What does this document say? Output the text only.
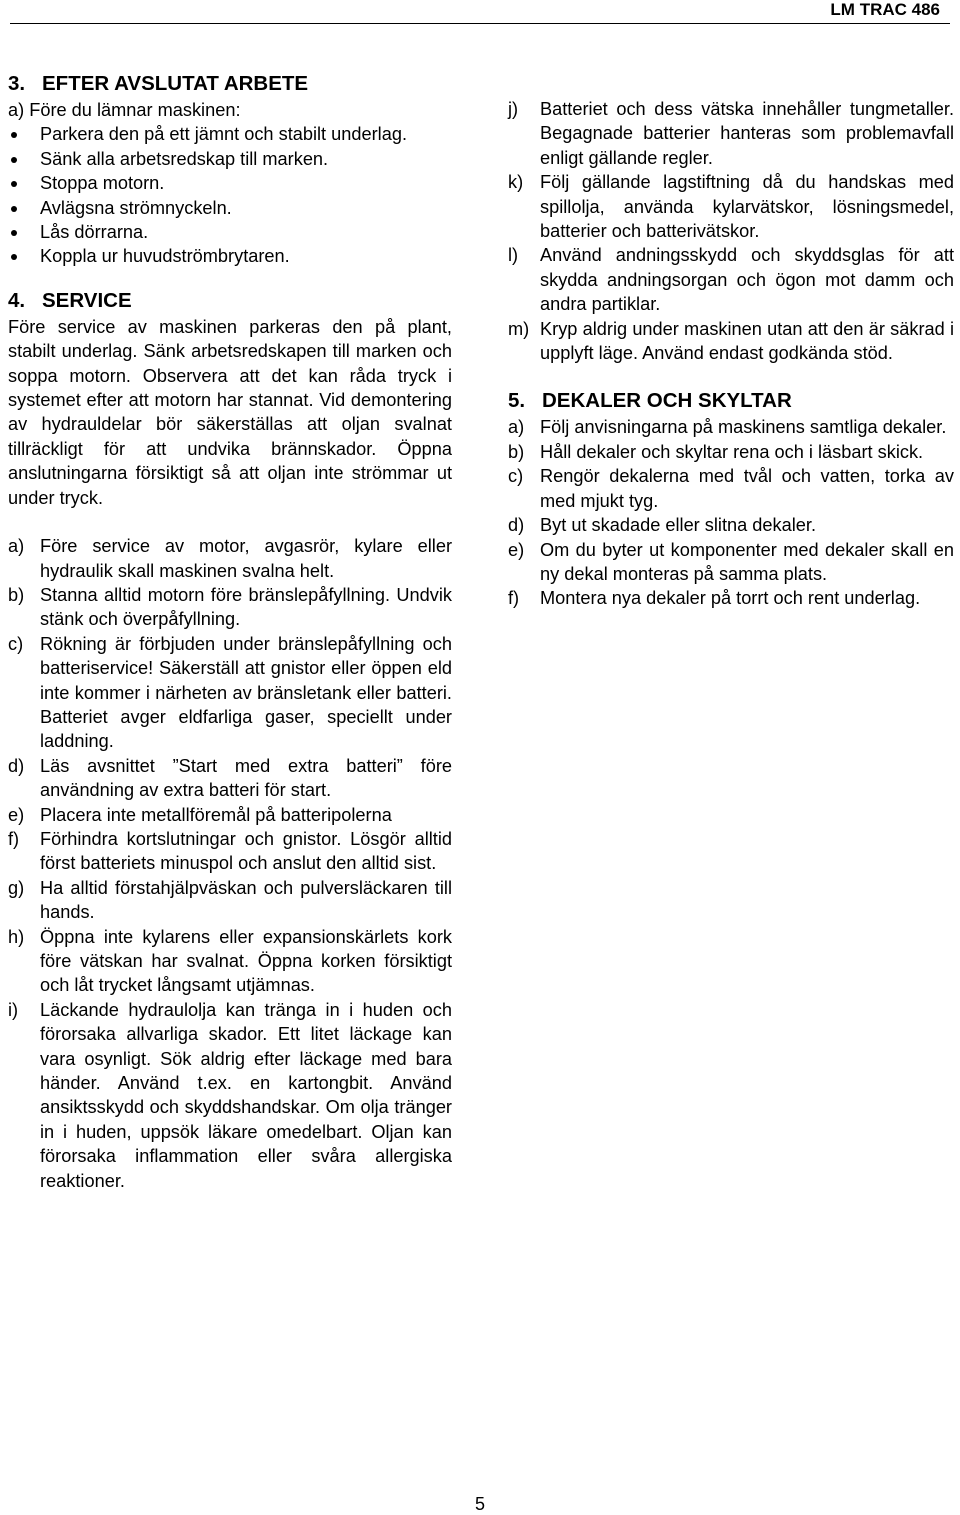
LM TRAC 486
3. EFTER AVSLUTAT ARBETE

a) Före du lämnar maskinen:

Parkera den på ett jämnt och stabilt underlag.
Sänk alla arbetsredskap till marken.
Stoppa motorn.
Avlägsna strömnyckeln.
Lås dörrarna.
Koppla ur huvudströmbrytaren.
4. SERVICE

Före service av maskinen parkeras den på plant, stabilt underlag. Sänk arbetsredskapen till marken och soppa motorn. Observera att det kan råda tryck i systemet efter att motorn har stannat. Vid demontering av hydrauldelar bör säkerställas att oljan svalnat tillräckligt för att undvika brännskador. Öppna anslutningarna försiktigt så att oljan inte strömmar ut under tryck.

a) Före service av motor, avgasrör, kylare eller hydraulik skall maskinen svalna helt.
b) Stanna alltid motorn före bränslepåfyllning. Undvik stänk och överpåfyllning.
c) Rökning är förbjuden under bränslepåfyllning och batteriservice! Säkerställ att gnistor eller öppen eld inte kommer i närheten av bränsletank eller batteri. Batteriet avger eldfarliga gaser, speciellt under laddning.
d) Läs avsnittet ”Start med extra batteri” före användning av extra batteri för start.
e) Placera inte metallföremål på batteripolerna
f) Förhindra kortslutningar och gnistor. Lösgör alltid först batteriets minuspol och anslut den alltid sist.
g) Ha alltid förstahjälpväskan och pulversläckaren till hands.
h) Öppna inte kylarens eller expansionskärlets kork före vätskan har svalnat. Öppna korken försiktigt och låt trycket långsamt utjämnas.
i) Läckande hydraulolja kan tränga in i huden och förorsaka allvarliga skador. Ett litet läckage kan vara osynligt. Sök aldrig efter läckage med bara händer. Använd t.ex. en kartongbit. Använd ansiktsskydd och skyddshandskar. Om olja tränger in i huden, uppsök läkare omedelbart. Oljan kan förorsaka inflammation eller svåra allergiska reaktioner.
j) Batteriet och dess vätska innehåller tungmetaller. Begagnade batterier hanteras som problemavfall enligt gällande regler.
k) Följ gällande lagstiftning då du handskas med spillolja, använda kylarvätskor, lösningsmedel, batterier och batterivätskor.
l) Använd andningsskydd och skyddsglas för att skydda andningsorgan och ögon mot damm och andra partiklar.
m) Kryp aldrig under maskinen utan att den är säkrad i upplyft läge. Använd endast godkända stöd.
5. DEKALER OCH SKYLTAR
a) Följ anvisningarna på maskinens samtliga dekaler.
b) Håll dekaler och skyltar rena och i läsbart skick.
c) Rengör dekalerna med tvål och vatten, torka av med mjukt tyg.
d) Byt ut skadade eller slitna dekaler.
e) Om du byter ut komponenter med dekaler skall en ny dekal monteras på samma plats.
f) Montera nya dekaler på torrt och rent underlag.
5
